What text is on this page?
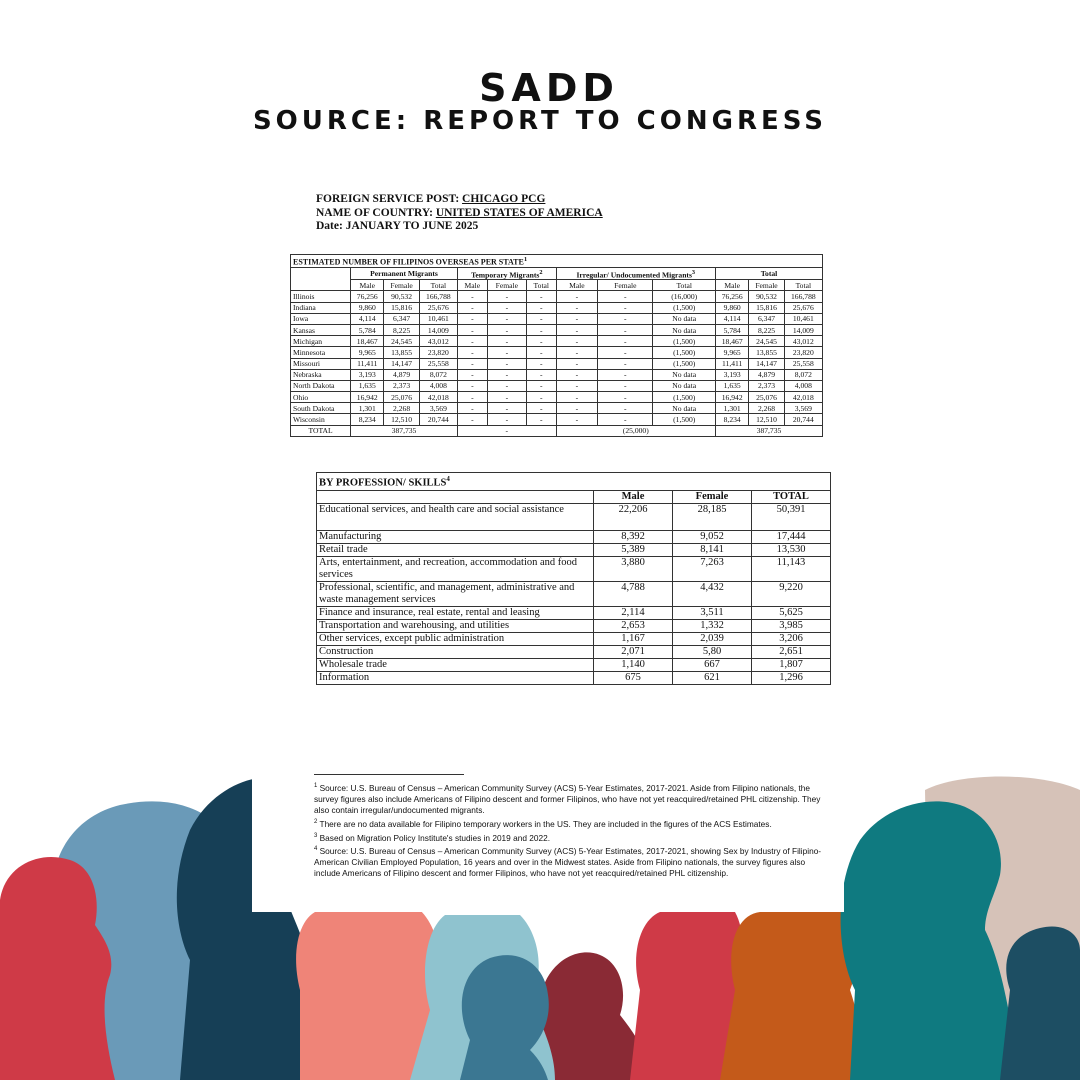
SADD
SOURCE: REPORT TO CONGRESS
FOREIGN SERVICE POST: CHICAGO PCG
NAME OF COUNTRY: UNITED STATES OF AMERICA
Date: JANUARY TO JUNE 2025
ESTIMATED NUMBER OF FILIPINOS OVERSEAS PER STATE$^1$
	Permanent Migrants			Temporary Migrants$^2$			Irregular/ Undocumented Migrants$^3$			Total		
	Male	Female	Total	Male	Female	Total	Male	Female	Total	Male	Female	Total
Illinois	76,256	90,532	166,788	-	-	-	-	-	(16,000)	76,256	90,532	166,788
Indiana	9,860	15,816	25,676	-	-	-	-	-	(1,500)	9,860	15,816	25,676
Iowa	4,114	6,347	10,461	-	-	-	-	-	No data	4,114	6,347	10,461
Kansas	5,784	8,225	14,009	-	-	-	-	-	No data	5,784	8,225	14,009
Michigan	18,467	24,545	43,012	-	-	-	-	-	(1,500)	18,467	24,545	43,012
Minnesota	9,965	13,855	23,820	-	-	-	-	-	(1,500)	9,965	13,855	23,820
Missouri	11,411	14,147	25,558	-	-	-	-	-	(1,500)	11,411	14,147	25,558
Nebraska	3,193	4,879	8,072	-	-	-	-	-	No data	3,193	4,879	8,072
North Dakota	1,635	2,373	4,008	-	-	-	-	-	No data	1,635	2,373	4,008
Ohio	16,942	25,076	42,018	-	-	-	-	-	(1,500)	16,942	25,076	42,018
South Dakota	1,301	2,268	3,569	-	-	-	-	-	No data	1,301	2,268	3,569
Wisconsin	8,234	12,510	20,744	-	-	-	-	-	(1,500)	8,234	12,510	20,744
TOTAL	387,735			-			(25,000)			387,735		
BY PROFESSION/ SKILLS$^4$
	Male	Female	TOTAL
Educational services, and health care and social assistance	22,206	28,185	50,391
Manufacturing	8,392	9,052	17,444
Retail trade	5,389	8,141	13,530
Arts, entertainment, and recreation, accommodation and food services	3,880	7,263	11,143
Professional, scientific, and management, administrative and waste management services	4,788	4,432	9,220
Finance and insurance, real estate, rental and leasing	2,114	3,511	5,625
Transportation and warehousing, and utilities	2,653	1,332	3,985
Other services, except public administration	1,167	2,039	3,206
Construction	2,071	5,80	2,651
Wholesale trade	1,140	667	1,807
Information	675	621	1,296
$^1$ Source: U.S. Bureau of Census – American Community Survey (ACS) 5-Year Estimates, 2017-2021. Aside from Filipino nationals, the survey figures also include Americans of Filipino descent and former Filipinos, who have not yet reacquired/retained PHL citizenship. They also contain irregular/undocumented migrants.
$^2$ There are no data available for Filipino temporary workers in the US. They are included in the figures of the ACS Estimates.
$^3$ Based on Migration Policy Institute's studies in 2019 and 2022.
$^4$ Source: U.S. Bureau of Census – American Community Survey (ACS) 5-Year Estimates, 2017-2021, showing Sex by Industry of Filipino-American Civilian Employed Population, 16 years and over in the Midwest states. Aside from Filipino nationals, the survey figures also include Americans of Filipino descent and former Filipinos, who have not yet reacquired/retained PHL citizenship.
